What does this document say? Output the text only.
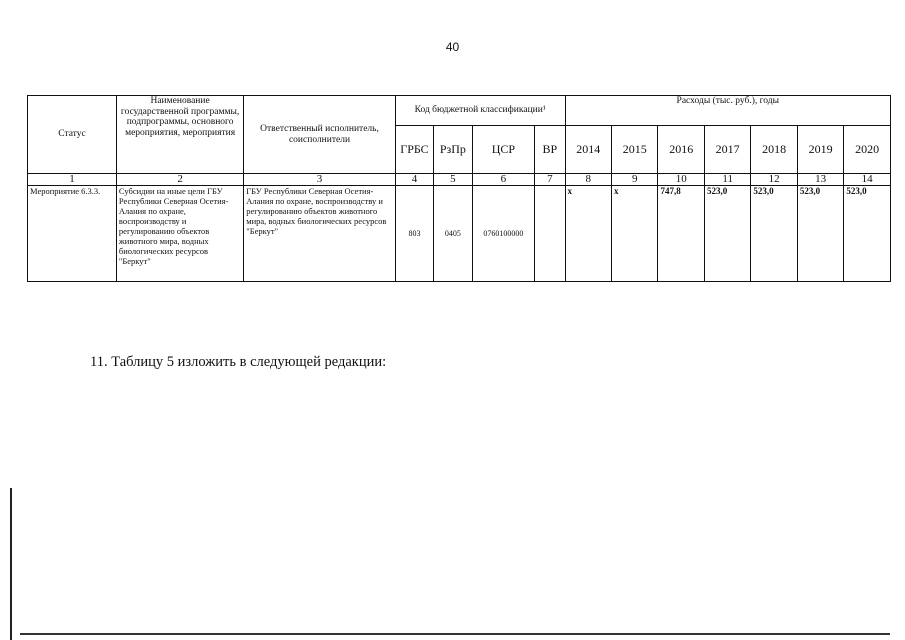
40
Статус	Наименование государственной программы, подпрограммы, основного мероприятия, мероприятия	Ответственный исполнитель, соисполнители	Код бюджетной классификации¹				Расходы (тыс. руб.), годы						
			ГРБС	РзПр	ЦСР	ВР	2014	2015	2016	2017	2018	2019	2020
1	2	3	4	5	6	7	8	9	10	11	12	13	14
Мероприятие 6.3.3.	Субсидии на иные цели ГБУ Республики Северная Осетия-Алания по охране, воспроизводству и регулированию объектов животного мира, водных биологических ресурсов "Беркут"	ГБУ Республики Северная Осетия-Алания по охране, воспроизводству и регулированию объектов животного мира, водных биологических ресурсов "Беркут"	803	0405	0760100000		x	x	747,8	523,0	523,0	523,0	523,0
11. Таблицу 5 изложить в следующей редакции:
